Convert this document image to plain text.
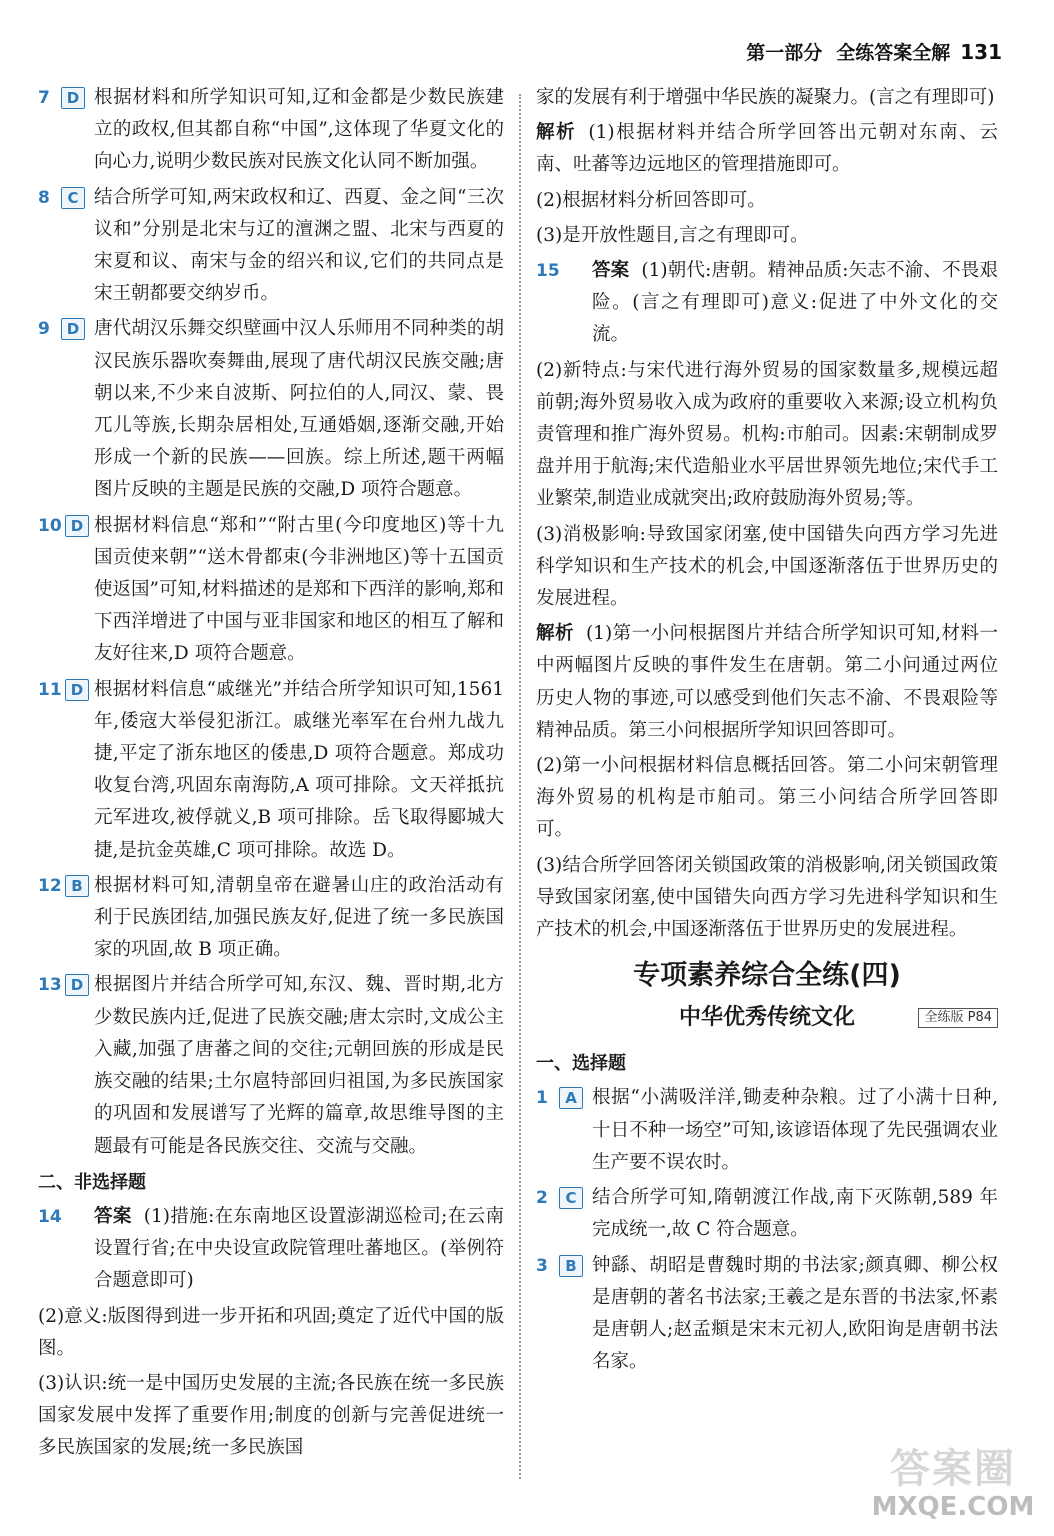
第一部分 全练答案全解 131
7	D 根据材料和所学知识可知,辽和金都是少数民族建立的政权,但其都自称“中国”,这体现了华夏文化的向心力,说明少数民族对民族文化认同不断加强。
8	C 结合所学可知,两宋政权和辽、西夏、金之间“三次议和”分别是北宋与辽的澶渊之盟、北宋与西夏的宋夏和议、南宋与金的绍兴和议,它们的共同点是宋王朝都要交纳岁币。
9	D 唐代胡汉乐舞交织壁画中汉人乐师用不同种类的胡汉民族乐器吹奏舞曲,展现了唐代胡汉民族交融;唐朝以来,不少来自波斯、阿拉伯的人,同汉、蒙、畏兀儿等族,长期杂居相处,互通婚姻,逐渐交融,开始形成一个新的民族——回族。综上所述,题干两幅图片反映的主题是民族的交融,D 项符合题意。
10 D 根据材料信息“郑和”“附古里(今印度地区)等十九国贡使来朝”“送木骨都束(今非洲地区)等十五国贡使返国”可知,材料描述的是郑和下西洋的影响,郑和下西洋增进了中国与亚非国家和地区的相互了解和友好往来,D 项符合题意。
11 D 根据材料信息“戚继光”并结合所学知识可知,1561 年,倭寇大举侵犯浙江。戚继光率军在台州九战九捷,平定了浙东地区的倭患,D 项符合题意。郑成功收复台湾,巩固东南海防,A 项可排除。文天祥抵抗元军进攻,被俘就义,B 项可排除。岳飞取得郾城大捷,是抗金英雄,C 项可排除。故选 D。
12 B 根据材料可知,清朝皇帝在避暑山庄的政治活动有利于民族团结,加强民族友好,促进了统一多民族国家的巩固,故 B 项正确。
13 D 根据图片并结合所学可知,东汉、魏、晋时期,北方少数民族内迁,促进了民族交融;唐太宗时,文成公主入藏,加强了唐蕃之间的交往;元朝回族的形成是民族交融的结果;土尔扈特部回归祖国,为多民族国家的巩固和发展谱写了光辉的篇章,故思维导图的主题最有可能是各民族交往、交流与交融。
二、非选择题
14 答案 (1)措施:在东南地区设置澎湖巡检司;在云南设置行省;在中央设宣政院管理吐蕃地区。(举例符合题意即可)

(2)意义:版图得到进一步开拓和巩固;奠定了近代中国的版图。

(3)认识:统一是中国历史发展的主流;各民族在统一多民族国家发展中发挥了重要作用;制度的创新与完善促进统一多民族国家的发展;统一多民族国

家的发展有利于增强中华民族的凝聚力。(言之有理即可)

解析 (1)根据材料并结合所学回答出元朝对东南、云南、吐蕃等边远地区的管理措施即可。

(2)根据材料分析回答即可。

(3)是开放性题目,言之有理即可。

15 答案 (1)朝代:唐朝。精神品质:矢志不渝、不畏艰险。(言之有理即可)意义:促进了中外文化的交流。

(2)新特点:与宋代进行海外贸易的国家数量多,规模远超前朝;海外贸易收入成为政府的重要收入来源;设立机构负责管理和推广海外贸易。机构:市舶司。因素:宋朝制成罗盘并用于航海;宋代造船业水平居世界领先地位;宋代手工业繁荣,制造业成就突出;政府鼓励海外贸易;等。

(3)消极影响:导致国家闭塞,使中国错失向西方学习先进科学知识和生产技术的机会,中国逐渐落伍于世界历史的发展进程。

解析 (1)第一小问根据图片并结合所学知识可知,材料一中两幅图片反映的事件发生在唐朝。第二小问通过两位历史人物的事迹,可以感受到他们矢志不渝、不畏艰险等精神品质。第三小问根据所学知识回答即可。

(2)第一小问根据材料信息概括回答。第二小问宋朝管理海外贸易的机构是市舶司。第三小问结合所学回答即可。

(3)结合所学回答闭关锁国政策的消极影响,闭关锁国政策导致国家闭塞,使中国错失向西方学习先进科学知识和生产技术的机会,中国逐渐落伍于世界历史的发展进程。

专项素养综合全练(四)
中华优秀传统文化	全练版 P84
一、选择题
1	A 根据“小满吸洋洋,锄麦种杂粮。过了小满十日种,十日不种一场空”可知,该谚语体现了先民强调农业生产要不误农时。
2	C 结合所学可知,隋朝渡江作战,南下灭陈朝,589 年完成统一,故 C 符合题意。
3	B 钟繇、胡昭是曹魏时期的书法家;颜真卿、柳公权是唐朝的著名书法家;王羲之是东晋的书法家,怀素是唐朝人;赵孟頫是宋末元初人,欧阳询是唐朝书法名家。
答案圈
MXQE.COM
